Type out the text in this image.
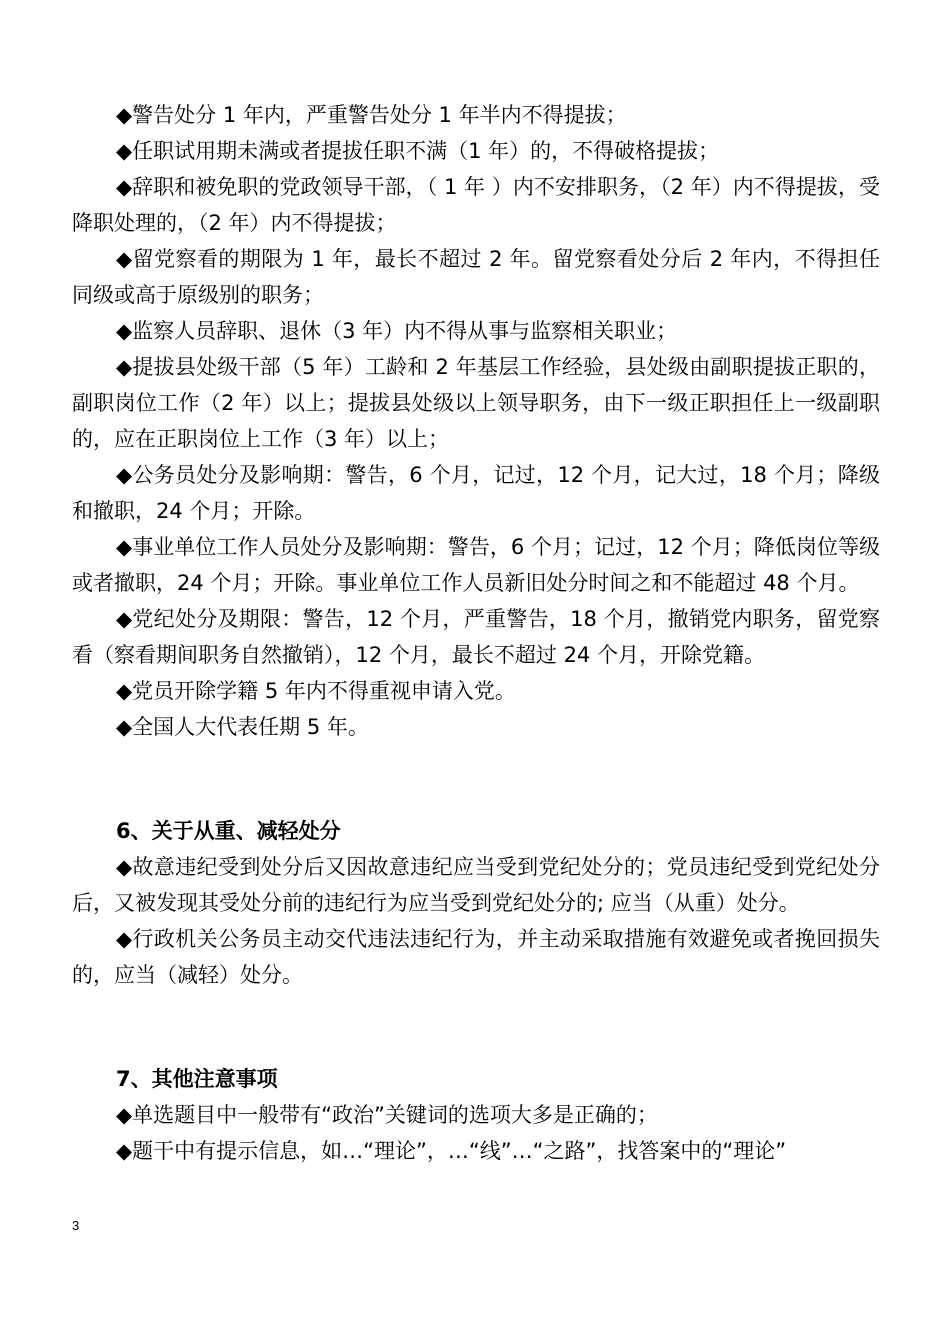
◆警告处分 1 年内，严重警告处分 1 年半内不得提拔；

◆任职试用期未满或者提拔任职不满（1 年）的，不得破格提拔；

◆辞职和被免职的党政领导干部，（ 1 年 ）内不安排职务，（2 年）内不得提拔，受降职处理的，（2 年）内不得提拔；

◆留党察看的期限为 1 年，最长不超过 2 年。留党察看处分后 2 年内，不得担任同级或高于原级别的职务；

◆监察人员辞职、退休（3 年）内不得从事与监察相关职业；

◆提拔县处级干部（5 年）工龄和 2 年基层工作经验，县处级由副职提拔正职的，副职岗位工作（2 年）以上；提拔县处级以上领导职务，由下一级正职担任上一级副职的，应在正职岗位上工作（3 年）以上；

◆公务员处分及影响期：警告，6 个月，记过，12 个月，记大过，18 个月；降级和撤职，24 个月；开除。

◆事业单位工作人员处分及影响期：警告，6 个月；记过，12 个月；降低岗位等级或者撤职，24 个月；开除。事业单位工作人员新旧处分时间之和不能超过 48 个月。

◆党纪处分及期限：警告，12 个月，严重警告，18 个月，撤销党内职务，留党察看（察看期间职务自然撤销），12 个月，最长不超过 24 个月，开除党籍。

◆党员开除学籍 5 年内不得重视申请入党。

◆全国人大代表任期 5 年。

6、关于从重、减轻处分

◆故意违纪受到处分后又因故意违纪应当受到党纪处分的；党员违纪受到党纪处分后，又被发现其受处分前的违纪行为应当受到党纪处分的; 应当（从重）处分。

◆行政机关公务员主动交代违法违纪行为，并主动采取措施有效避免或者挽回损失的，应当（减轻）处分。

7、其他注意事项

◆单选题目中一般带有“政治”关键词的选项大多是正确的；

◆题干中有提示信息，如…“理论”，…“线”…“之路”，找答案中的“理论”

3
